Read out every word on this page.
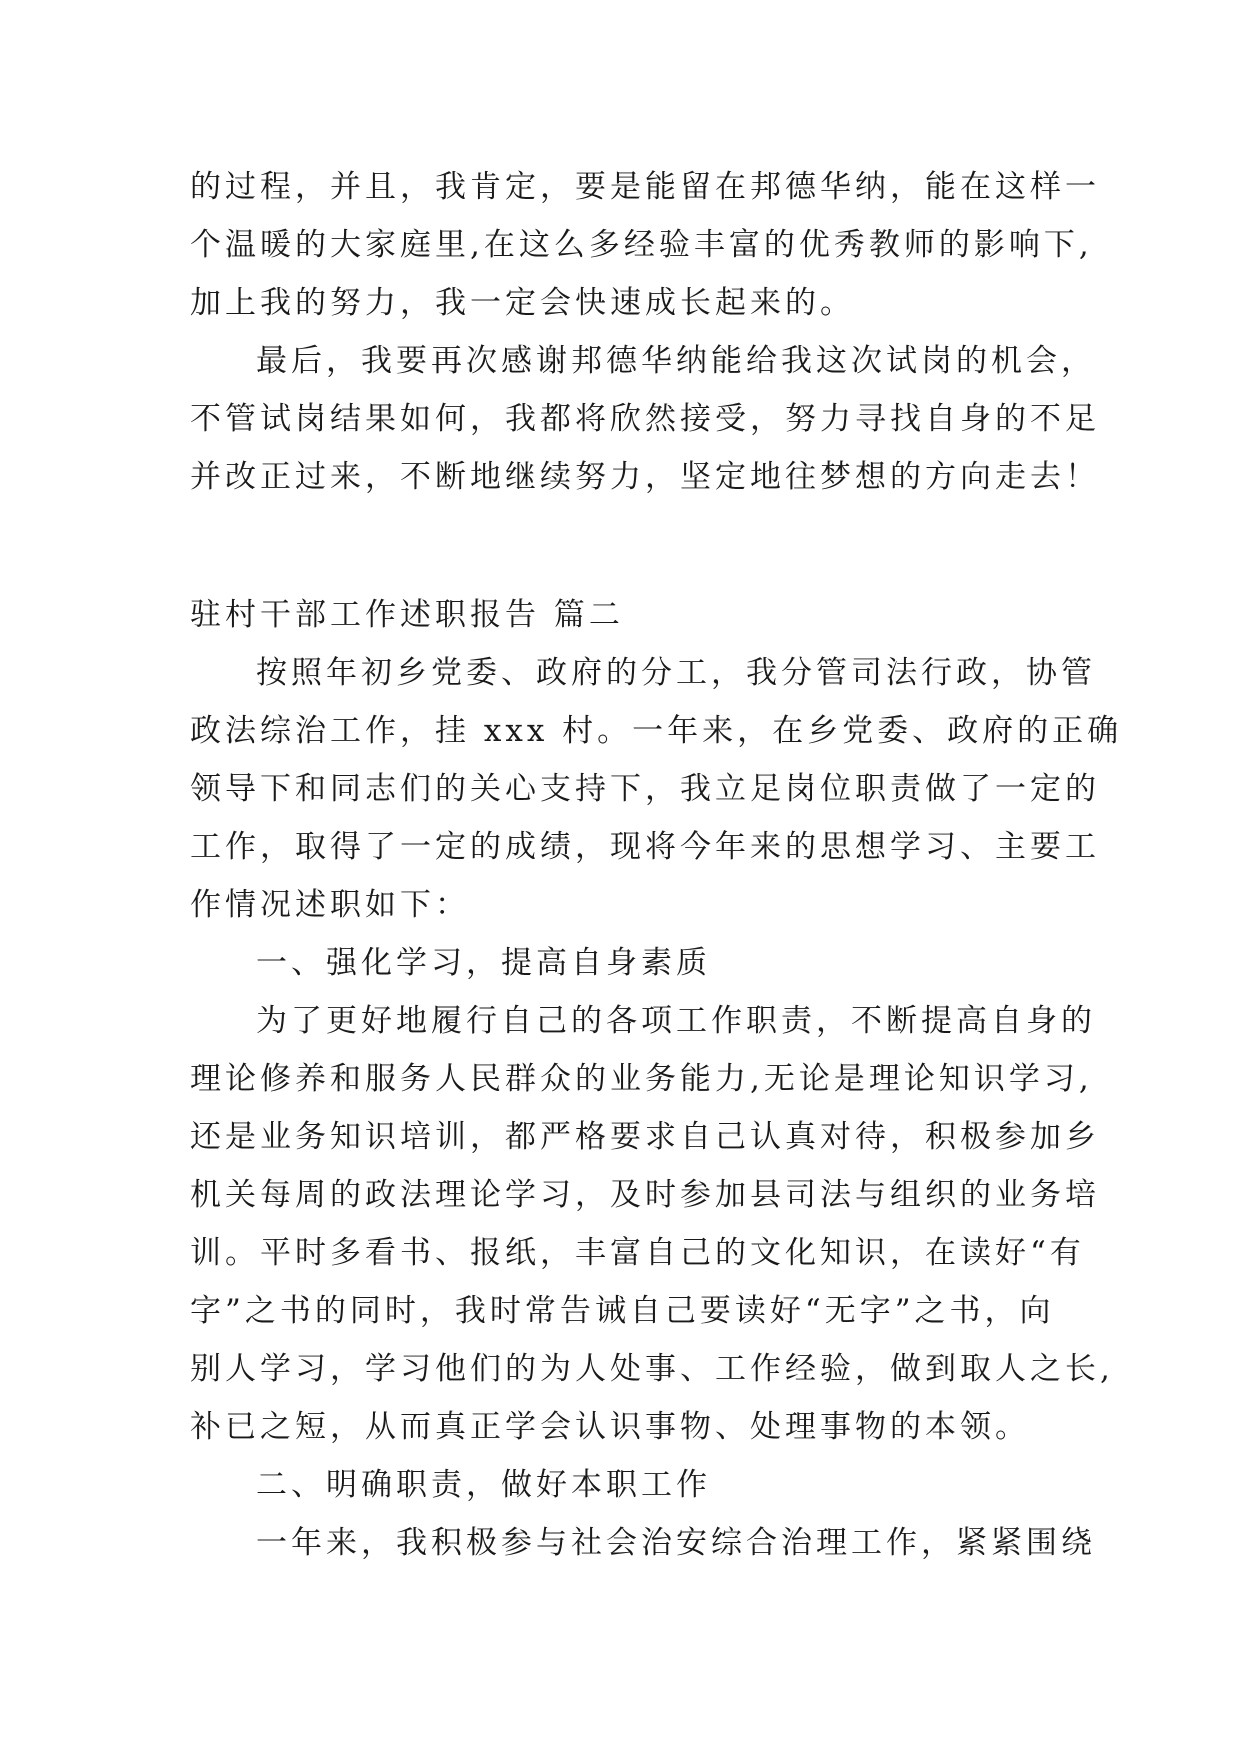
的过程，并且，我肯定，要是能留在邦德华纳，能在这样一
个温暖的大家庭里,在这么多经验丰富的优秀教师的影响下,
加上我的努力，我一定会快速成长起来的。
最后，我要再次感谢邦德华纳能给我这次试岗的机会，
不管试岗结果如何，我都将欣然接受，努力寻找自身的不足
并改正过来，不断地继续努力，坚定地往梦想的方向走去！
驻村干部工作述职报告 篇二
按照年初乡党委、政府的分工，我分管司法行政，协管
政法综治工作，挂 xxx 村。一年来，在乡党委、政府的正确
领导下和同志们的关心支持下，我立足岗位职责做了一定的
工作，取得了一定的成绩，现将今年来的思想学习、主要工
作情况述职如下：
一、强化学习，提高自身素质
为了更好地履行自己的各项工作职责，不断提高自身的
理论修养和服务人民群众的业务能力,无论是理论知识学习,
还是业务知识培训，都严格要求自己认真对待，积极参加乡
机关每周的政法理论学习，及时参加县司法与组织的业务培
训。平时多看书、报纸，丰富自己的文化知识，在读好“有
字”之书的同时，我时常告诫自己要读好“无字”之书，向
别人学习，学习他们的为人处事、工作经验，做到取人之长,
补已之短，从而真正学会认识事物、处理事物的本领。
二、明确职责，做好本职工作
一年来，我积极参与社会治安综合治理工作，紧紧围绕
